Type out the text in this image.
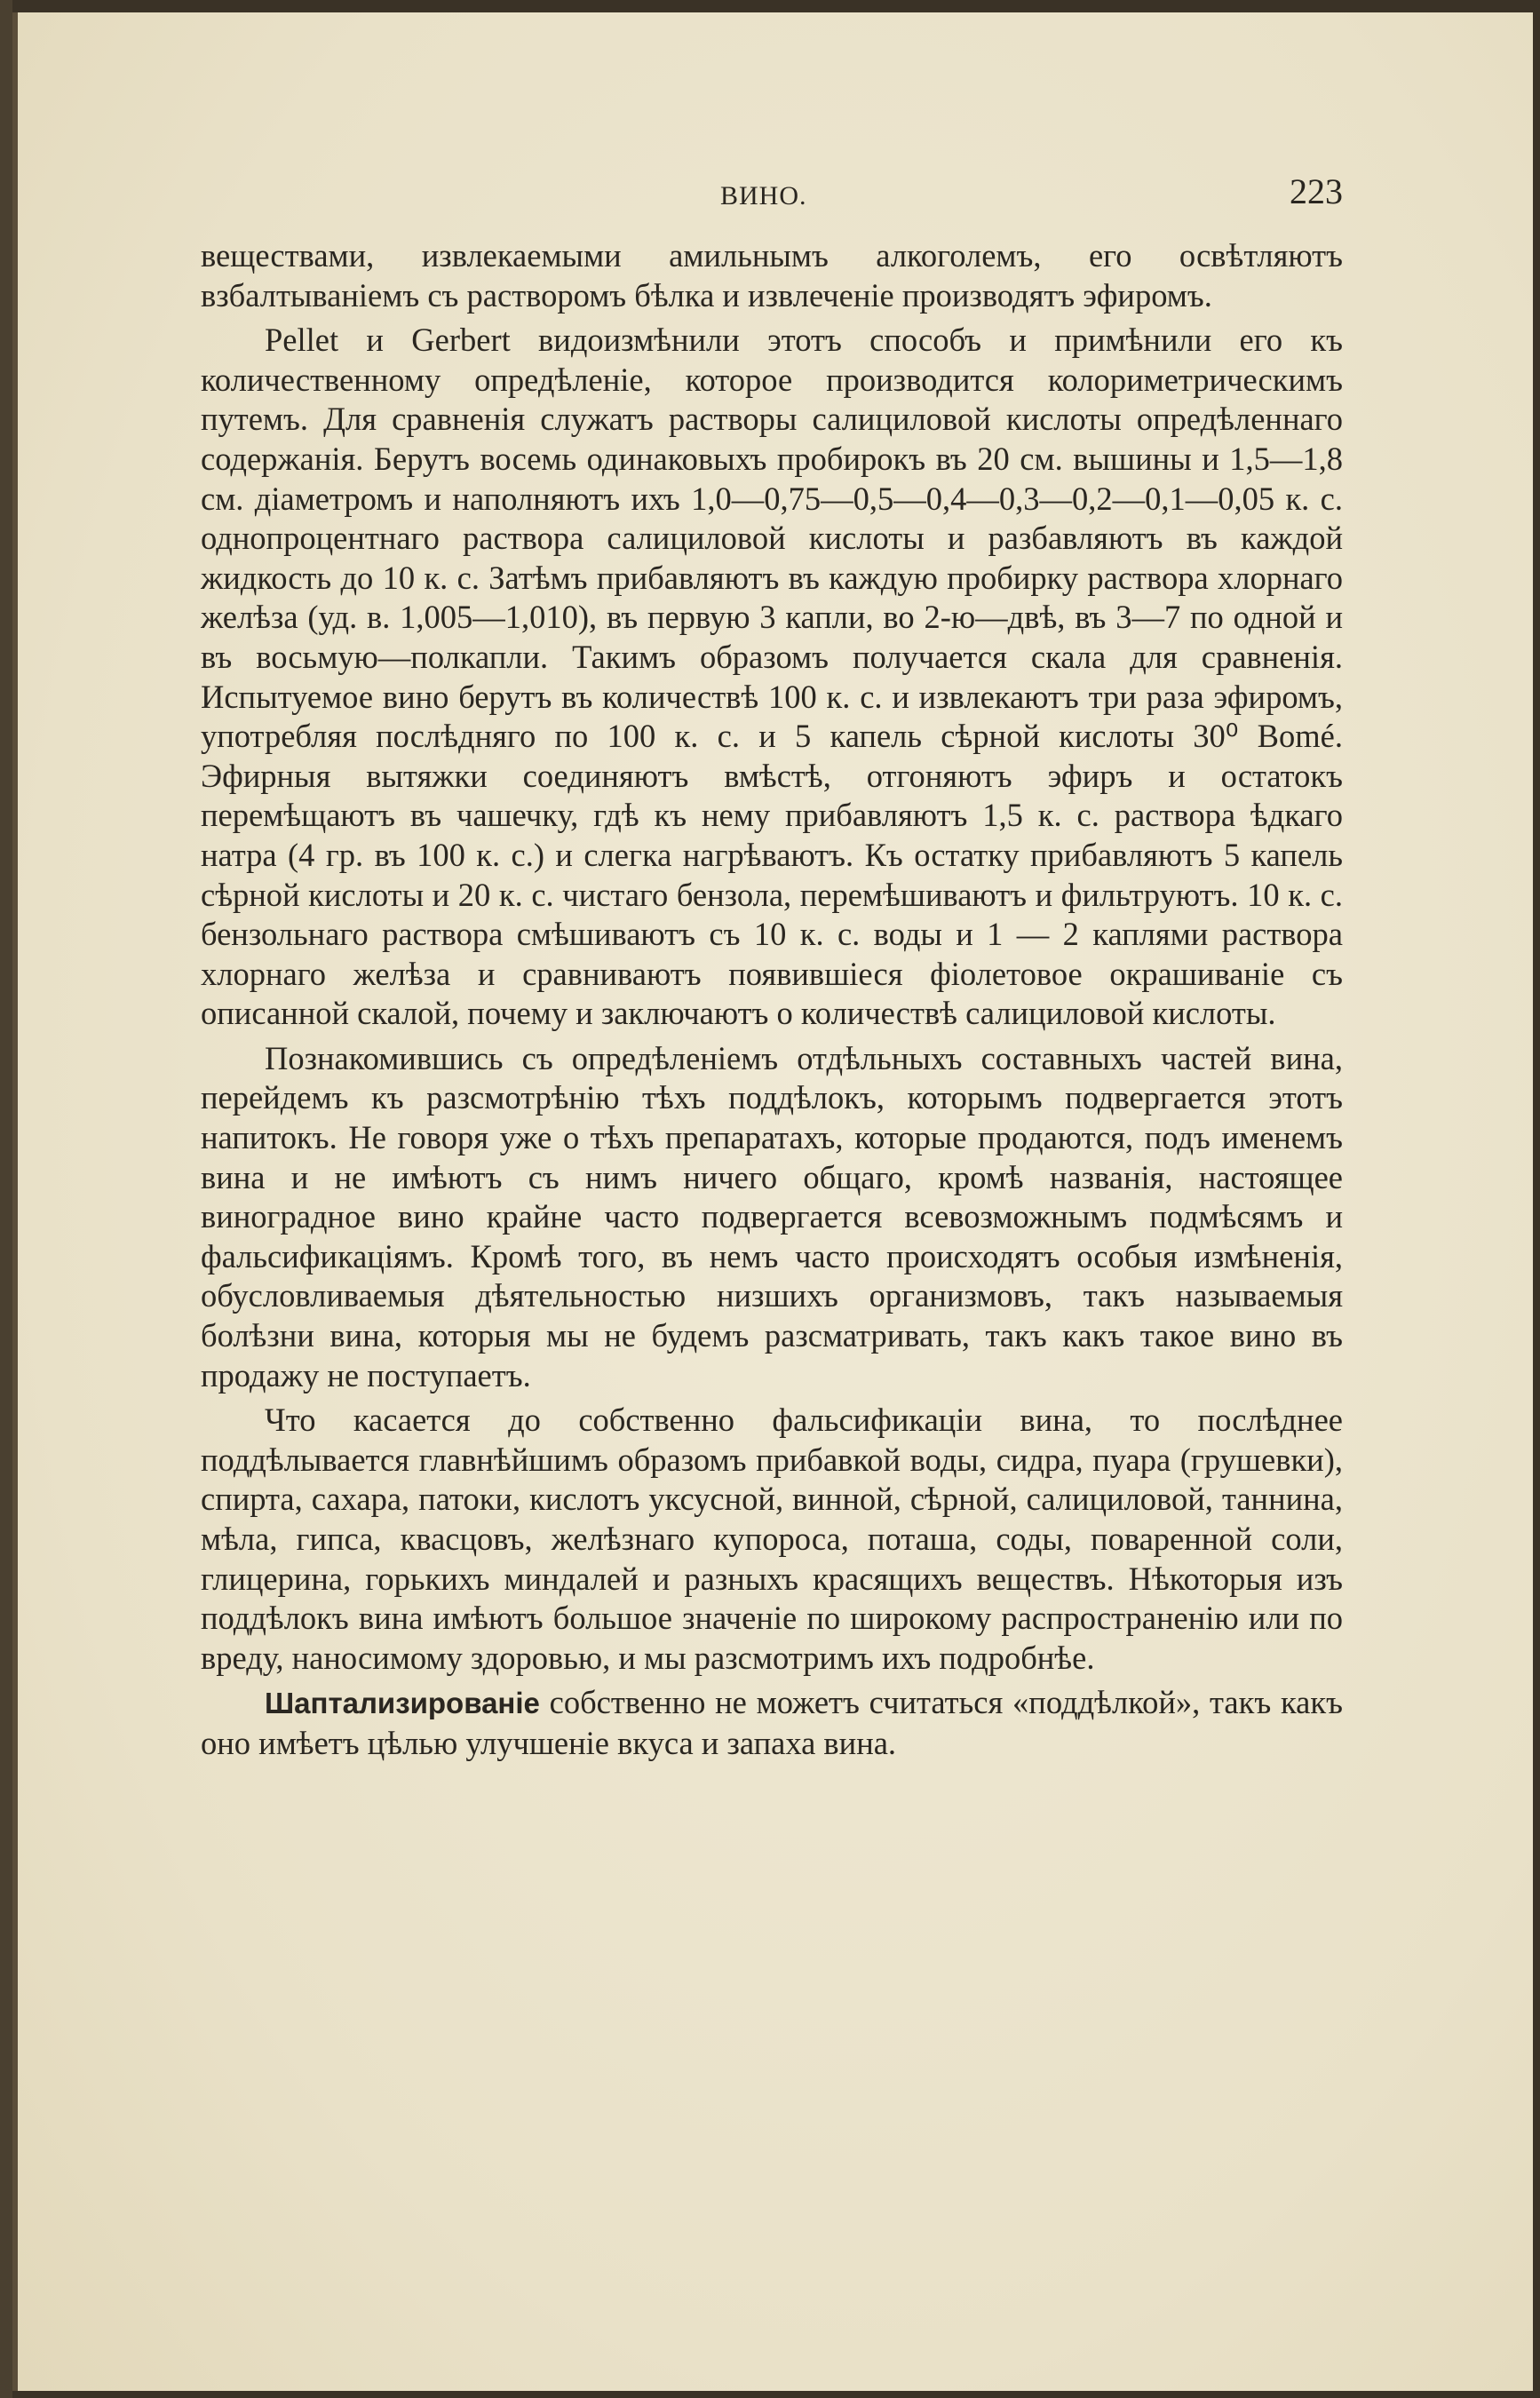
ВИНО.	223

веществами, извлекаемыми амильнымъ алкоголемъ, его освѣтляютъ взбалтываніемъ съ растворомъ бѣлка и извлеченіе производятъ эфиромъ.

Pellet и Gerbert видоизмѣнили этотъ способъ и примѣнили его къ количественному опредѣленіе, которое производится колориметрическимъ путемъ. Для сравненія служатъ растворы салициловой кислоты опредѣленнаго содержанія. Берутъ восемь одинаковыхъ пробирокъ въ 20 см. вышины и 1,5—1,8 см. діаметромъ и наполняютъ ихъ 1,0—0,75—0,5—0,4—0,3—0,2—0,1—0,05 к. с. однопроцентнаго раствора салициловой кислоты и разбавляютъ въ каждой жидкость до 10 к. с. Затѣмъ прибавляютъ въ каждую пробирку раствора хлорнаго желѣза (уд. в. 1,005—1,010), въ первую 3 капли, во 2-ю—двѣ, въ 3—7 по одной и въ восьмую—полкапли. Такимъ образомъ получается скала для сравненія. Испытуемое вино берутъ въ количествѣ 100 к. с. и извлекаютъ три раза эфиромъ, употребляя послѣдняго по 100 к. с. и 5 капель сѣрной кислоты 30⁰ Bomé. Эфирныя вытяжки соединяютъ вмѣстѣ, отгоняютъ эфиръ и остатокъ перемѣщаютъ въ чашечку, гдѣ къ нему прибавляютъ 1,5 к. с. раствора ѣдкаго натра (4 гр. въ 100 к. с.) и слегка нагрѣваютъ. Къ остатку прибавляютъ 5 капель сѣрной кислоты и 20 к. с. чистаго бензола, перемѣшиваютъ и фильтруютъ. 10 к. с. бензольнаго раствора смѣшиваютъ съ 10 к. с. воды и 1 — 2 каплями раствора хлорнаго желѣза и сравниваютъ появившіеся фіолетовое окрашиваніе съ описанной скалой, почему и заключаютъ о количествѣ салициловой кислоты.

Познакомившись съ опредѣленіемъ отдѣльныхъ составныхъ частей вина, перейдемъ къ разсмотрѣнію тѣхъ поддѣлокъ, которымъ подвергается этотъ напитокъ. Не говоря уже о тѣхъ препаратахъ, которые продаются, подъ именемъ вина и не имѣютъ съ нимъ ничего общаго, кромѣ названія, настоящее виноградное вино крайне часто подвергается всевозможнымъ подмѣсямъ и фальсификаціямъ. Кромѣ того, въ немъ часто происходятъ особыя измѣненія, обусловливаемыя дѣятельностью низшихъ организмовъ, такъ называемыя болѣзни вина, которыя мы не будемъ разсматривать, такъ какъ такое вино въ продажу не поступаетъ.

Что касается до собственно фальсификаціи вина, то послѣднее поддѣлывается главнѣйшимъ образомъ прибавкой воды, сидра, пуара (грушевки), спирта, сахара, патоки, кислотъ уксусной, винной, сѣрной, салициловой, таннина, мѣла, гипса, квасцовъ, желѣзнаго купороса, поташа, соды, поваренной соли, глицерина, горькихъ миндалей и разныхъ красящихъ веществъ. Нѣкоторыя изъ поддѣлокъ вина имѣютъ большое значеніе по широкому распространенію или по вреду, наносимому здоровью, и мы разсмотримъ ихъ подробнѣе.

Шаптализированіе собственно не можетъ считаться «поддѣлкой», такъ какъ оно имѣетъ цѣлью улучшеніе вкуса и запаха вина.
